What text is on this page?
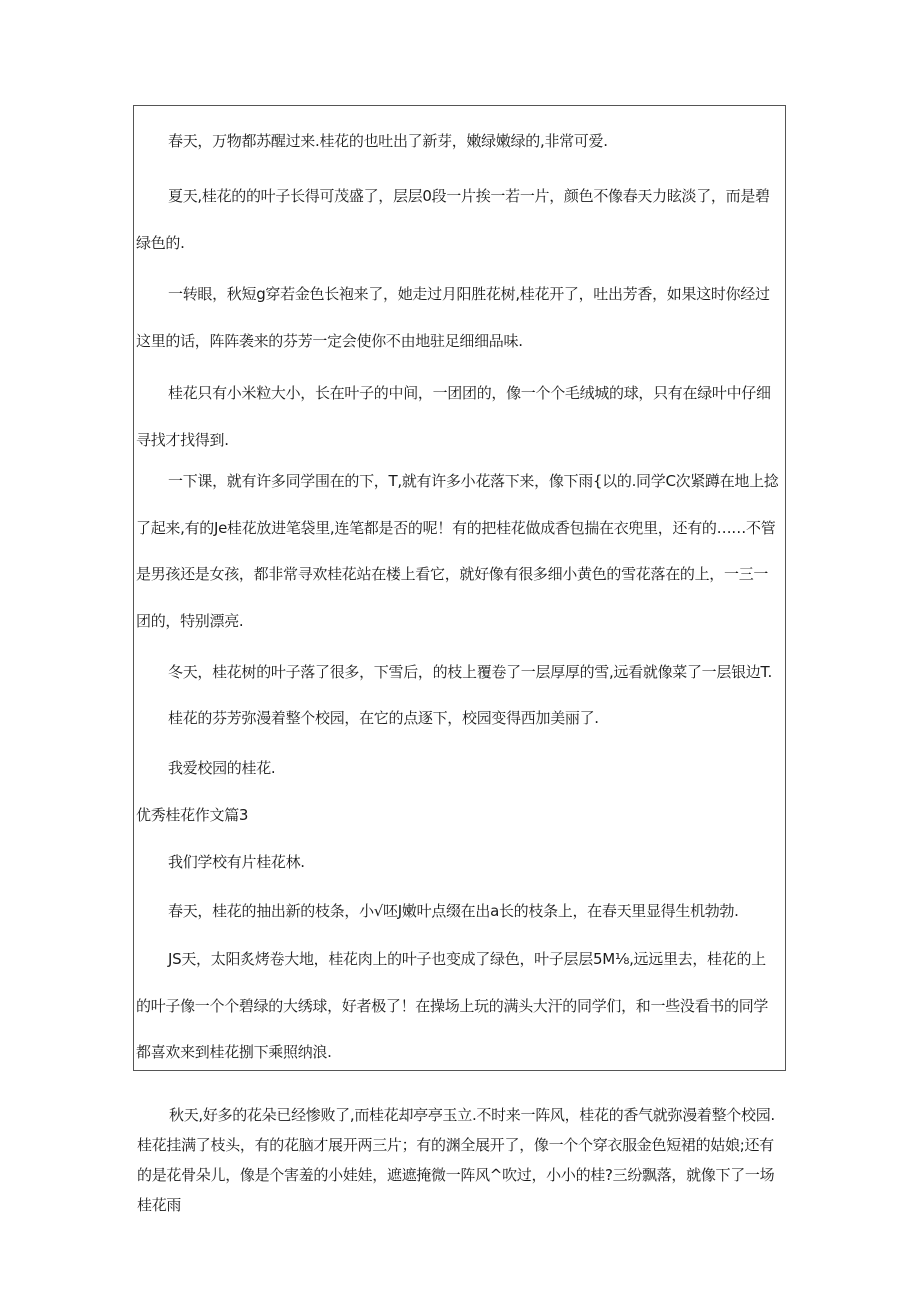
春天，万物都苏醒过来.桂花的也吐出了新芽，嫩绿嫩绿的,非常可爱.
夏天,桂花的的叶子长得可茂盛了，层层0段一片挨一若一片，颜色不像春天力眩淡了，而是碧绿色的.
一转眼，秋短g穿若金色长袍来了，她走过月阳胜花树,桂花开了，吐出芳香，如果这时你经过这里的话，阵阵袭来的芬芳一定会使你不由地驻足细细品味.
桂花只有小米粒大小，长在叶子的中间，一团团的，像一个个毛绒城的球，只有在绿叶中仔细寻找才找得到.
一下课，就有许多同学围在的下，T,就有许多小花落下来，像下雨{以的.同学C次紧蹲在地上捻了起来,有的Je桂花放进笔袋里,连笔都是否的呢！有的把桂花做成香包揣在衣兜里，还有的……不管是男孩还是女孩，都非常寻欢桂花站在楼上看它，就好像有很多细小黄色的雪花落在的上，一三一团的，特别漂亮.
冬天，桂花树的叶子落了很多，下雪后，的枝上覆卷了一层厚厚的雪,远看就像菜了一层银边T.
桂花的芬芳弥漫着整个校园，在它的点逐下，校园变得西加美丽了.
我爱校园的桂花.
优秀桂花作文篇3
我们学校有片桂花林.
春天，桂花的抽出新的枝条，小√呸J嫩叶点缀在出a长的枝条上，在春天里显得生机勃勃.
JS天，太阳炙烤卷大地，桂花肉上的叶子也变成了绿色，叶子层层5M⅛,远远里去，桂花的上的叶子像一个个碧绿的大绣球，好者极了！在操场上玩的满头大汗的同学们，和一些没看书的同学都喜欢来到桂花捌下乘照纳浪.
秋天,好多的花朵已经惨败了,而桂花却亭亭玉立.不时来一阵风，桂花的香气就弥漫着整个校园.桂花挂满了枝头，有的花脑才展开两三片；有的渊全展开了，像一个个穿衣服金色短裙的姑娘;还有的是花骨朵儿，像是个害羞的小娃娃，遮遮掩微一阵风^吹过，小小的桂?三纷飘落，就像下了一场桂花雨
